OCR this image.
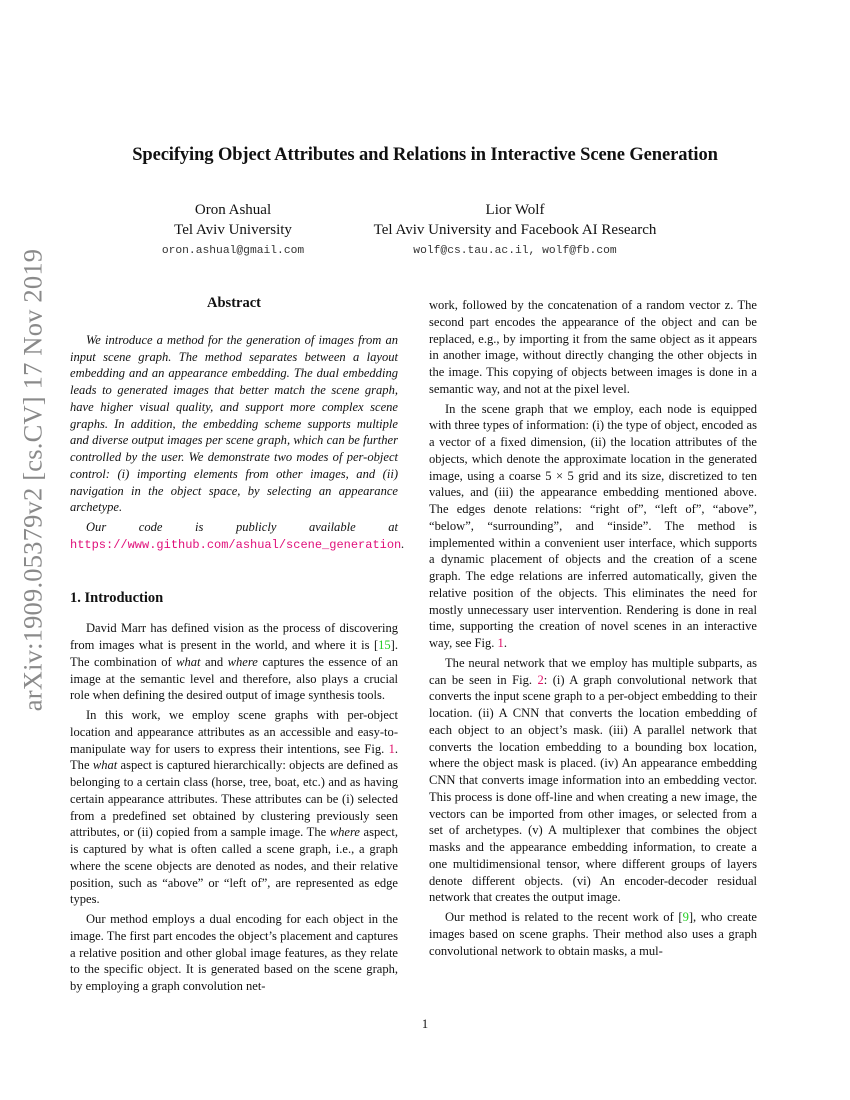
arXiv:1909.05379v2 [cs.CV] 17 Nov 2019
Specifying Object Attributes and Relations in Interactive Scene Generation
Oron Ashual
Tel Aviv University
oron.ashual@gmail.com
Lior Wolf
Tel Aviv University and Facebook AI Research
wolf@cs.tau.ac.il, wolf@fb.com
Abstract

We introduce a method for the generation of images from an input scene graph. The method separates between a layout embedding and an appearance embedding. The dual embedding leads to generated images that better match the scene graph, have higher visual quality, and support more complex scene graphs. In addition, the embedding scheme supports multiple and diverse output images per scene graph, which can be further controlled by the user. We demonstrate two modes of per-object control: (i) importing elements from other images, and (ii) navigation in the object space, by selecting an appearance archetype.

Our code is publicly available at https://www.github.com/ashual/scene_generation.

1. Introduction

David Marr has defined vision as the process of discovering from images what is present in the world, and where it is [15]. The combination of what and where captures the essence of an image at the semantic level and therefore, also plays a crucial role when defining the desired output of image synthesis tools.

In this work, we employ scene graphs with per-object location and appearance attributes as an accessible and easy-to-manipulate way for users to express their intentions, see Fig. 1. The what aspect is captured hierarchically: objects are defined as belonging to a certain class (horse, tree, boat, etc.) and as having certain appearance attributes. These attributes can be (i) selected from a predefined set obtained by clustering previously seen attributes, or (ii) copied from a sample image. The where aspect, is captured by what is often called a scene graph, i.e., a graph where the scene objects are denoted as nodes, and their relative position, such as “above” or “left of”, are represented as edge types.

Our method employs a dual encoding for each object in the image. The first part encodes the object’s placement and captures a relative position and other global image features, as they relate to the specific object. It is generated based on the scene graph, by employing a graph convolution net-

work, followed by the concatenation of a random vector z. The second part encodes the appearance of the object and can be replaced, e.g., by importing it from the same object as it appears in another image, without directly changing the other objects in the image. This copying of objects between images is done in a semantic way, and not at the pixel level.

In the scene graph that we employ, each node is equipped with three types of information: (i) the type of object, encoded as a vector of a fixed dimension, (ii) the location attributes of the objects, which denote the approximate location in the generated image, using a coarse 5 × 5 grid and its size, discretized to ten values, and (iii) the appearance embedding mentioned above. The edges denote relations: “right of”, “left of”, “above”, “below”, “surrounding”, and “inside”. The method is implemented within a convenient user interface, which supports a dynamic placement of objects and the creation of a scene graph. The edge relations are inferred automatically, given the relative position of the objects. This eliminates the need for mostly unnecessary user intervention. Rendering is done in real time, supporting the creation of novel scenes in an interactive way, see Fig. 1.

The neural network that we employ has multiple subparts, as can be seen in Fig. 2: (i) A graph convolutional network that converts the input scene graph to a per-object embedding to their location. (ii) A CNN that converts the location embedding of each object to an object’s mask. (iii) A parallel network that converts the location embedding to a bounding box location, where the object mask is placed. (iv) An appearance embedding CNN that converts image information into an embedding vector. This process is done off-line and when creating a new image, the vectors can be imported from other images, or selected from a set of archetypes. (v) A multiplexer that combines the object masks and the appearance embedding information, to create a one multidimensional tensor, where different groups of layers denote different objects. (vi) An encoder-decoder residual network that creates the output image.

Our method is related to the recent work of [9], who create images based on scene graphs. Their method also uses a graph convolutional network to obtain masks, a mul-

1
